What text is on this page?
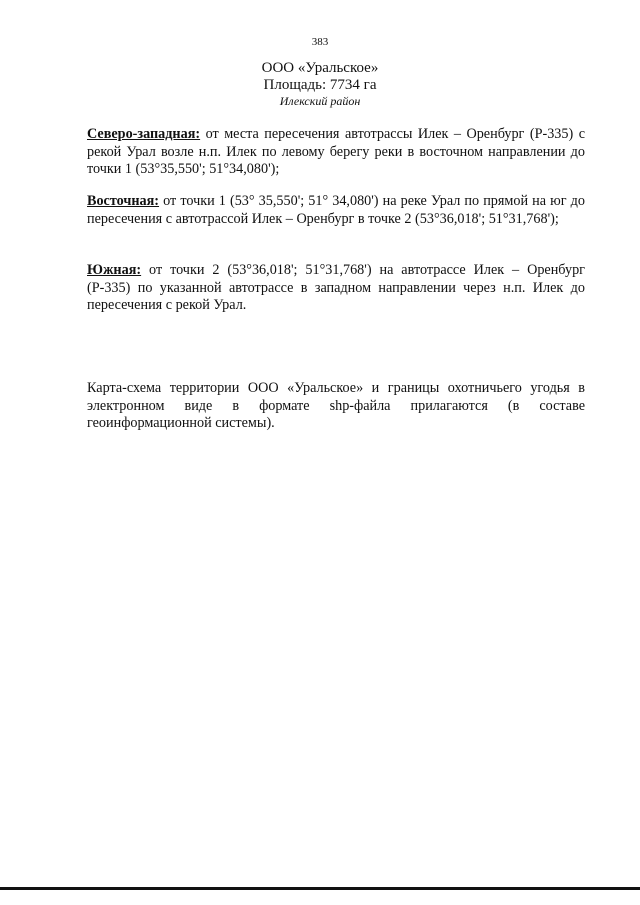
383
ООО «Уральское»
Площадь: 7734 га
Илекский район
Северо-западная: от места пересечения автотрассы Илек – Оренбург (Р-335) с рекой Урал возле н.п. Илек по левому берегу реки в восточном направлении до точки 1 (53°35,550'; 51°34,080');
Восточная: от точки 1 (53° 35,550'; 51° 34,080') на реке Урал по прямой на юг до пересечения с автотрассой Илек – Оренбург в точке 2 (53°36,018'; 51°31,768');
Южная: от точки 2 (53°36,018'; 51°31,768') на автотрассе Илек – Оренбург (Р-335) по указанной автотрассе в западном направлении через н.п. Илек до пересечения с рекой Урал.
Карта-схема территории ООО «Уральское» и границы охотничьего угодья в электронном виде в формате shp-файла прилагаются (в составе геоинформационной системы).
